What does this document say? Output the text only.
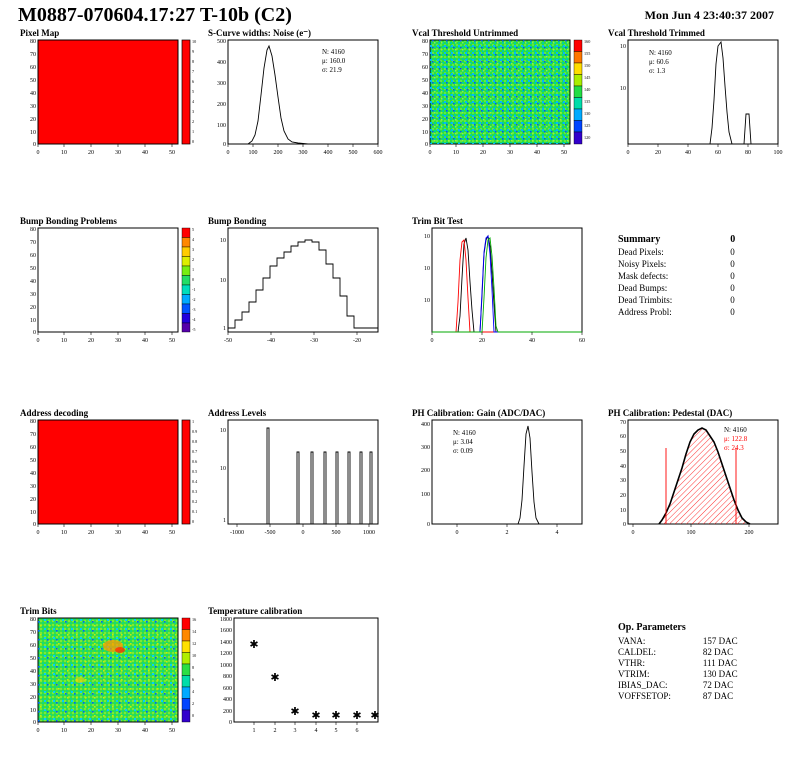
M0887-070604.17:27 T-10b (C2)	Mon Jun 4 23:40:37 2007
Pixel Map
10
9
8
7
6
5
4
3
2
1
0
0	10	20	30	40	50
80
70
60
50
40
30
20
10
0
S-Curve widths: Noise (e⁻)
N: 4160
μ: 160.0
σ: 21.9
0	100	200	300	400	500	600
500
400
300
200
100
0
Vcal Threshold Untrimmed
160
155
150
145
140
135
130
125
120
0	10	20	30	40	50
80
70
60
50
40
30
20
10
0
Vcal Threshold Trimmed
N: 4160
μ: 60.6
σ: 1.3
0	20	40	60	80	100
10
10
Bump Bonding Problems
5
4
3
2
1
0
-1
-2
-3
-4
-5
0	10	20	30	40	50
80
70
60
50
40
30
20
10
0
Bump Bonding
-50	-40	-30	-20
10
10
1
Trim Bit Test
0	20	40	60
10
10
10
Summary	0
Dead Pixels:	0
Noisy Pixels:	0
Mask defects:	0
Dead Bumps:	0
Dead Trimbits:	0
Address Probl:	0
Address decoding
1
0.9
0.8
0.7
0.6
0.5
0.4
0.3
0.2
0.1
0
0	10	20	30	40	50
80
70
60
50
40
30
20
10
0
Address Levels
-1000	-500	0	500	1000
10
10
1
PH Calibration: Gain (ADC/DAC)
N: 4160
μ: 3.04
σ: 0.09
0	2	4
400
300
200
100
0
PH Calibration: Pedestal (DAC)
N: 4160
μ: 122.8
σ: 24.3
0	100	200
70
60
50
40
30
20
10
0
Trim Bits
16
14
12
10
8
6
4
2
0
0	10	20	30	40	50
80
70
60
50
40
30
20
10
0
Temperature calibration
✱
✱
✱ ✱ ✱ ✱ ✱
1	2	3	4	5	6
1800
1600
1400
1200
1000
800
600
400
200
0
Op. Parameters
VANA:	157 DAC
CALDEL:	82 DAC
VTHR:	111 DAC
VTRIM:	130 DAC
IBIAS_DAC:	72 DAC
VOFFSETOP:	87 DAC
